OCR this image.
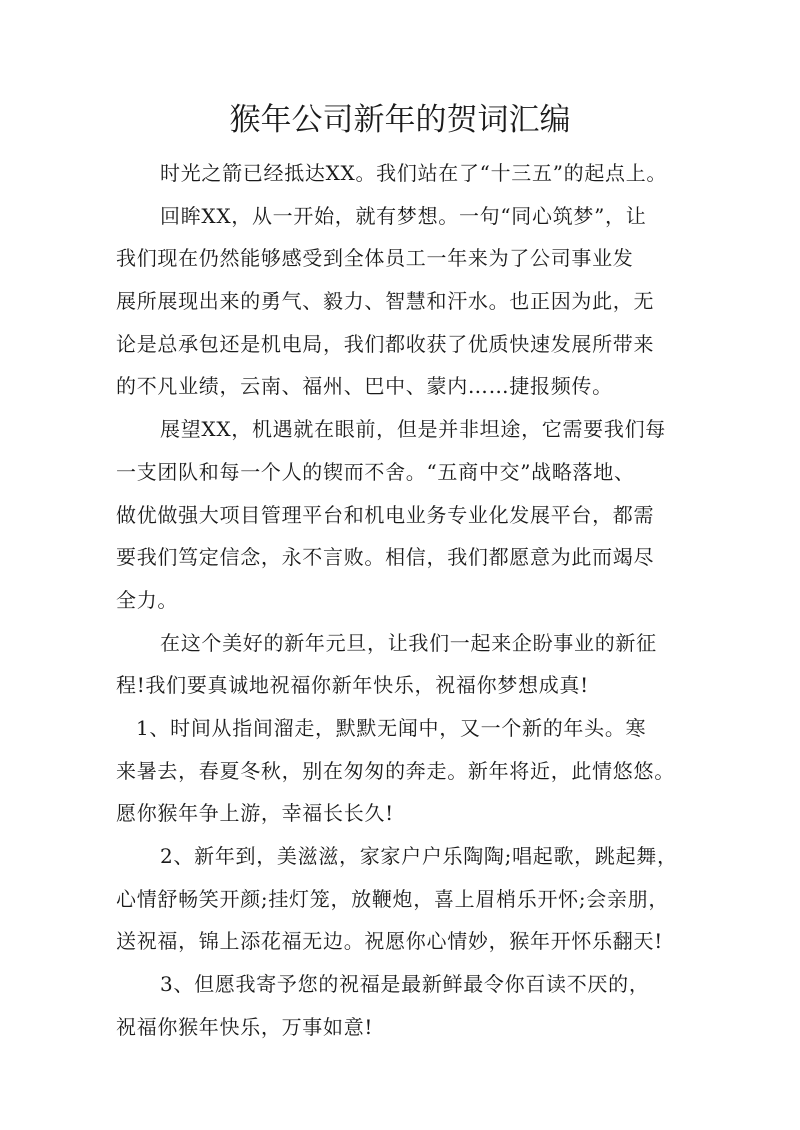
猴年公司新年的贺词汇编
时光之箭已经抵达XX。我们站在了“十三五”的起点上。
回眸XX，从一开始，就有梦想。一句“同心筑梦”，让
我们现在仍然能够感受到全体员工一年来为了公司事业发
展所展现出来的勇气、毅力、智慧和汗水。也正因为此，无
论是总承包还是机电局，我们都收获了优质快速发展所带来
的不凡业绩，云南、福州、巴中、蒙内……捷报频传。
展望XX，机遇就在眼前，但是并非坦途，它需要我们每
一支团队和每一个人的锲而不舍。“五商中交”战略落地、
做优做强大项目管理平台和机电业务专业化发展平台，都需
要我们笃定信念，永不言败。相信，我们都愿意为此而竭尽
全力。
在这个美好的新年元旦，让我们一起来企盼事业的新征
程!我们要真诚地祝福你新年快乐，祝福你梦想成真!
1、时间从指间溜走，默默无闻中，又一个新的年头。寒
来暑去，春夏冬秋，别在匆匆的奔走。新年将近，此情悠悠。
愿你猴年争上游，幸福长长久!
2、新年到，美滋滋，家家户户乐陶陶;唱起歌，跳起舞，
心情舒畅笑开颜;挂灯笼，放鞭炮，喜上眉梢乐开怀;会亲朋，
送祝福，锦上添花福无边。祝愿你心情妙，猴年开怀乐翻天!
3、但愿我寄予您的祝福是最新鲜最令你百读不厌的，
祝福你猴年快乐，万事如意!
